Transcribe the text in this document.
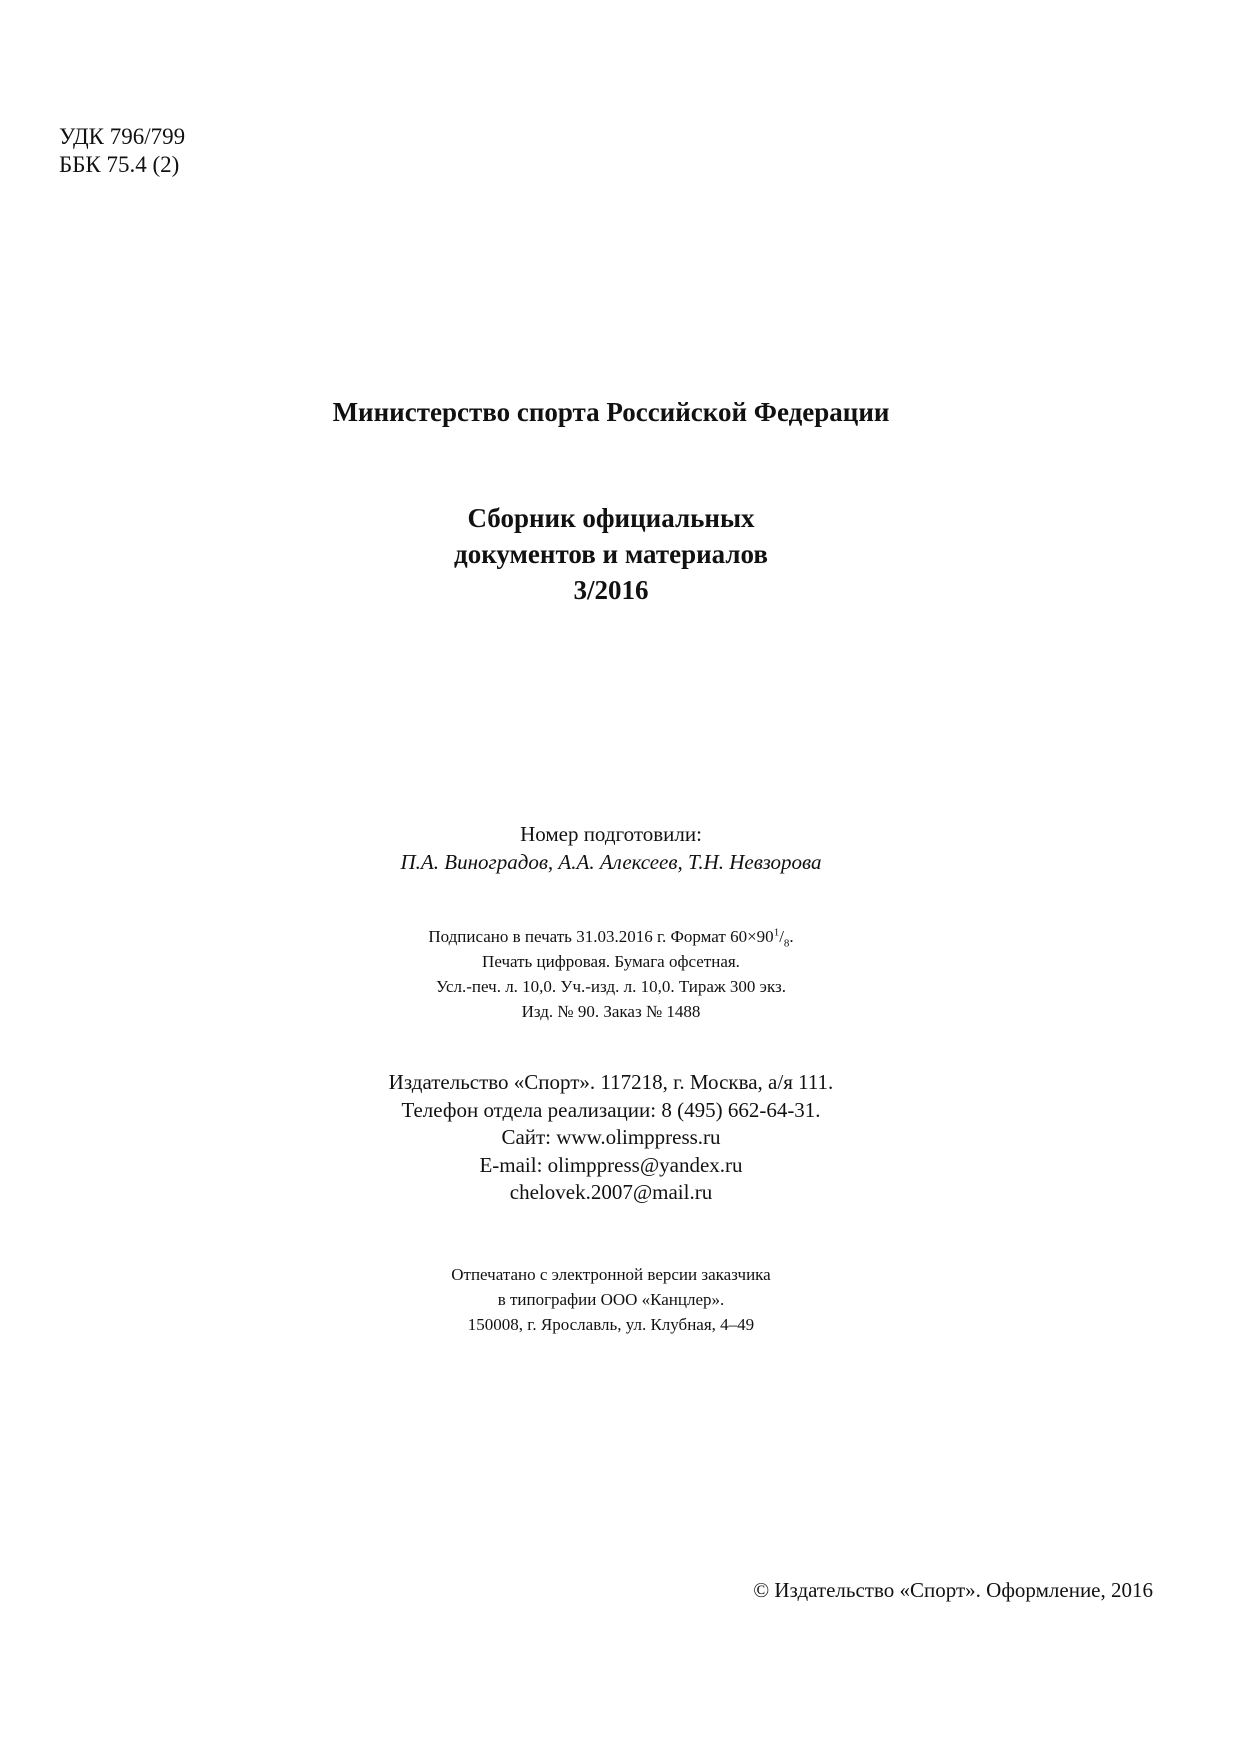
УДК 796/799
ББК 75.4 (2)
Министерство спорта Российской Федерации
Сборник официальных
документов и материалов
3/2016
Номер подготовили:
П.А. Виноградов, А.А. Алексеев, Т.Н. Невзорова
Подписано в печать 31.03.2016 г. Формат $60\times 90^1/_8$.
Печать цифровая. Бумага офсетная.
Усл.-печ. л. 10,0. Уч.-изд. л. 10,0. Тираж 300 экз.
Изд. № 90. Заказ № 1488
Издательство «Спорт». 117218, г. Москва, а/я 111.
Телефон отдела реализации: 8 (495) 662-64-31.
Сайт: www.olimppress.ru
E-mail: olimppress@yandex.ru
chelovek.2007@mail.ru
Отпечатано с электронной версии заказчика
в типографии ООО «Канцлер».
150008, г. Ярославль, ул. Клубная, 4–49
© Издательство «Спорт». Оформление, 2016
